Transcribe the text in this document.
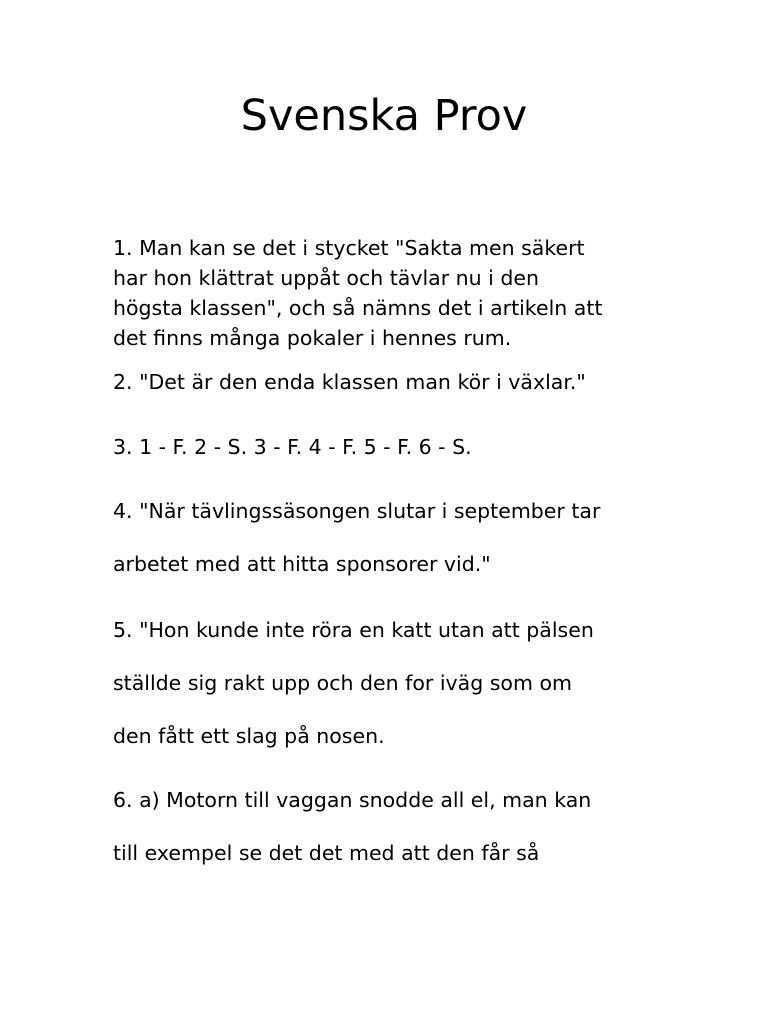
Svenska Prov

1. Man kan se det i stycket "Sakta men säkert
har hon klättrat uppåt och tävlar nu i den
högsta klassen", och så nämns det i artikeln att
det finns många pokaler i hennes rum.

2. "Det är den enda klassen man kör i växlar."

3. 1 - F. 2 - S. 3 - F. 4 - F. 5 - F. 6 - S.

4. "När tävlingssäsongen slutar i september tar
arbetet med att hitta sponsorer vid."

5. "Hon kunde inte röra en katt utan att pälsen
ställde sig rakt upp och den for iväg som om
den fått ett slag på nosen.

6. a) Motorn till vaggan snodde all el, man kan
till exempel se det det med att den får så
